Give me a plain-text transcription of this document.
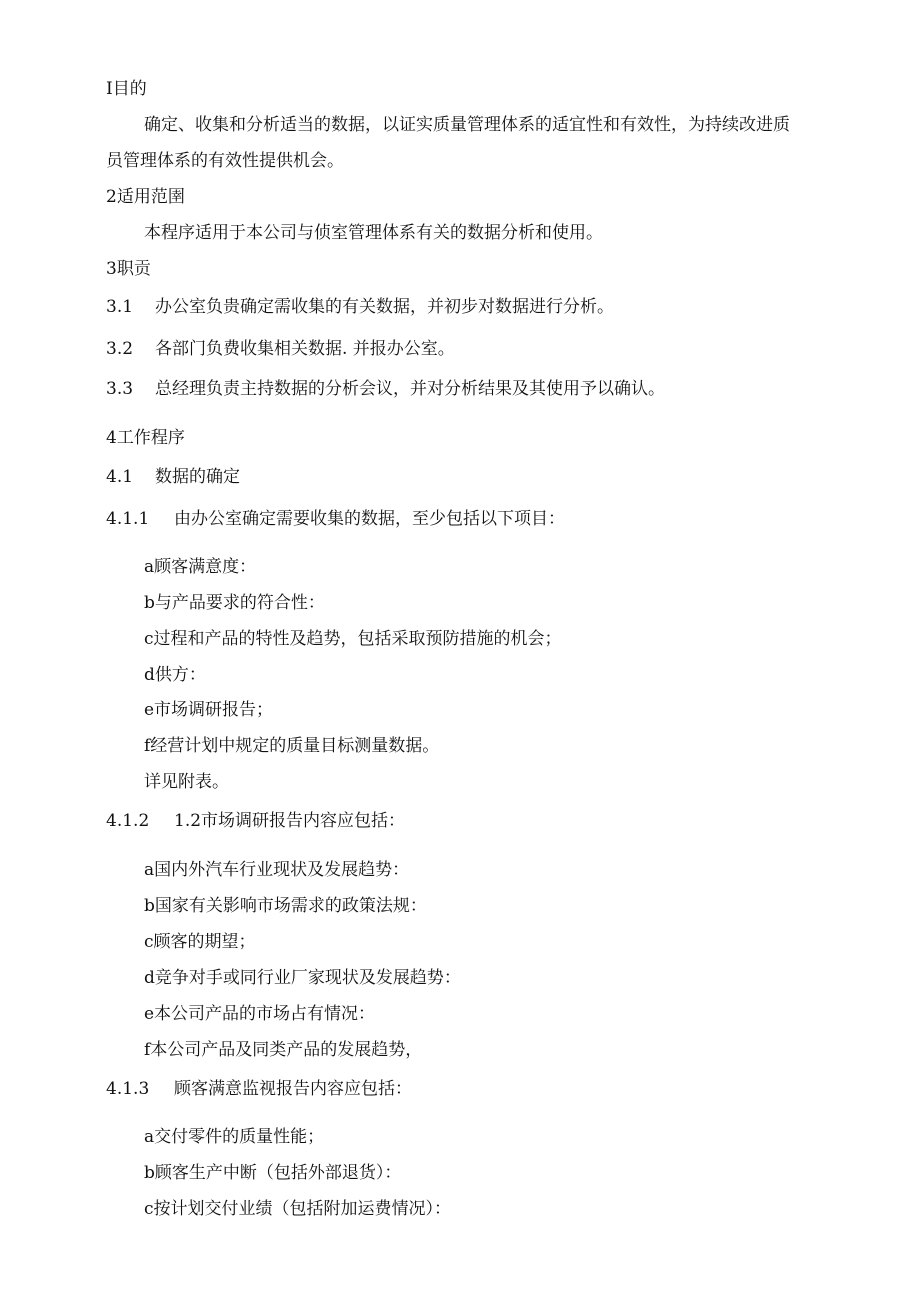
I目的
确定、收集和分析适当的数据，以证实质量管理体系的适宜性和有效性，为持续改进质
员管理体系的有效性提供机会。
2适用范圉
本程序适用于本公司与侦室管理体系有关的数据分析和使用。
3职贡
3.1 办公室负贵确定需收集的有关数据，并初步对数据进行分析。
3.2 各部门负费收集相关数据. 并报办公室。
3.3 总经理负责主持数据的分析会议，并对分析结果及其使用予以确认。
4工作程序
4.1 数据的确定
4.1.1 由办公室确定需要收集的数据，至少包括以下项目：
a顾客满意度：
b与产品要求的符合性：
c过程和产品的特性及趋势，包括采取预防措施的机会；
d供方：
e市场调研报告；
f经营计划中规定的质量目标测量数据。
详见附表。
4.1.2 1.2市场调研报告内容应包括：
a国内外汽车行业现状及发展趋势：
b国家有关影响市场需求的政策法规：
c顾客的期望；
d竞争对手或同行业厂家现状及发展趋势：
e本公司产品的市场占有情况：
f本公司产品及同类产品的发展趋势，
4.1.3 顾客满意监视报告内容应包括：
a交付零件的质量性能；
b顾客生产中断（包括外部退货）：
c按计划交付业绩（包括附加运费情况）：
